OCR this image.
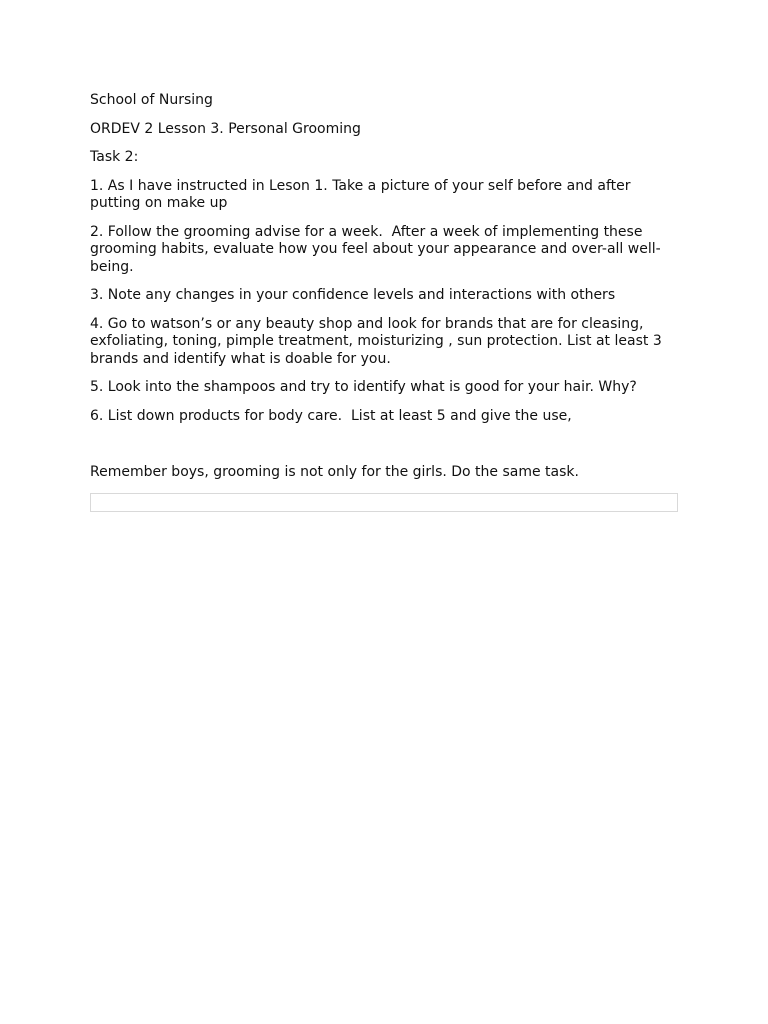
School of Nursing

ORDEV 2 Lesson 3. Personal Grooming

Task 2:

1. As I have instructed in Leson 1. Take a picture of your self before and after putting on make up

2. Follow the grooming advise for a week.  After a week of implementing these grooming habits, evaluate how you feel about your appearance and over-all well-being.

3. Note any changes in your confidence levels and interactions with others

4. Go to watson’s or any beauty shop and look for brands that are for cleasing, exfoliating, toning, pimple treatment, moisturizing , sun protection. List at least 3 brands and identify what is doable for you.

5. Look into the shampoos and try to identify what is good for your hair. Why?

6. List down products for body care.  List at least 5 and give the use,

Remember boys, grooming is not only for the girls. Do the same task.
